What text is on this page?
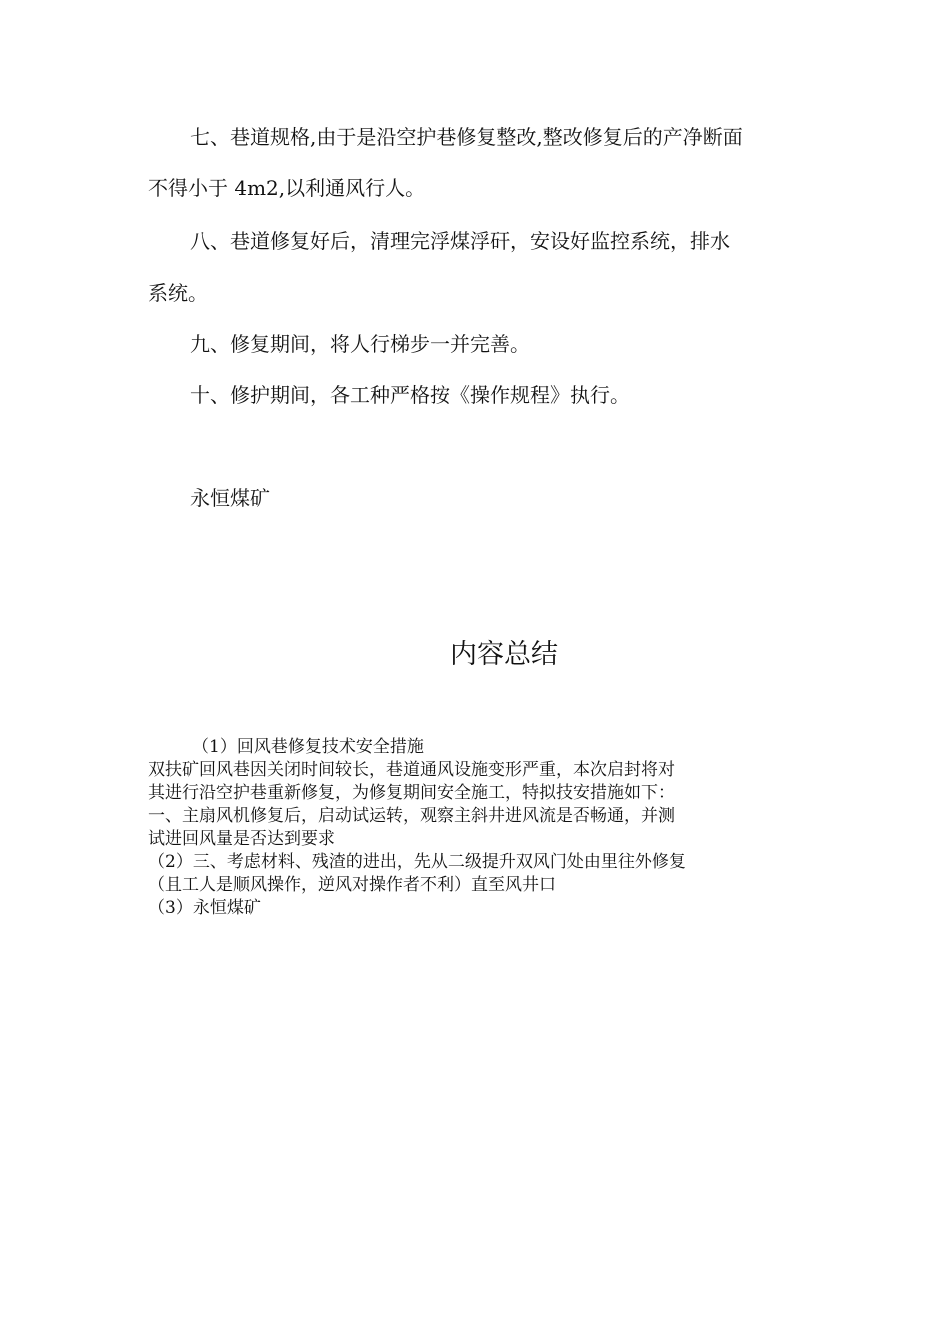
七、巷道规格,由于是沿空护巷修复整改,整改修复后的产净断面
不得小于 4m2,以利通风行人。
八、巷道修复好后，清理完浮煤浮矸，安设好监控系统，排水
系统。
九、修复期间，将人行梯步一并完善。
十、修护期间，各工种严格按《操作规程》执行。
永恒煤矿
内容总结
（1）回风巷修复技术安全措施
双扶矿回风巷因关闭时间较长，巷道通风设施变形严重，本次启封将对
其进行沿空护巷重新修复，为修复期间安全施工，特拟技安措施如下：
一、主扇风机修复后，启动试运转，观察主斜井进风流是否畅通，并测
试进回风量是否达到要求
（2）三、考虑材料、残渣的进出，先从二级提升双风门处由里往外修复
（且工人是顺风操作，逆风对操作者不利）直至风井口
（3）永恒煤矿
